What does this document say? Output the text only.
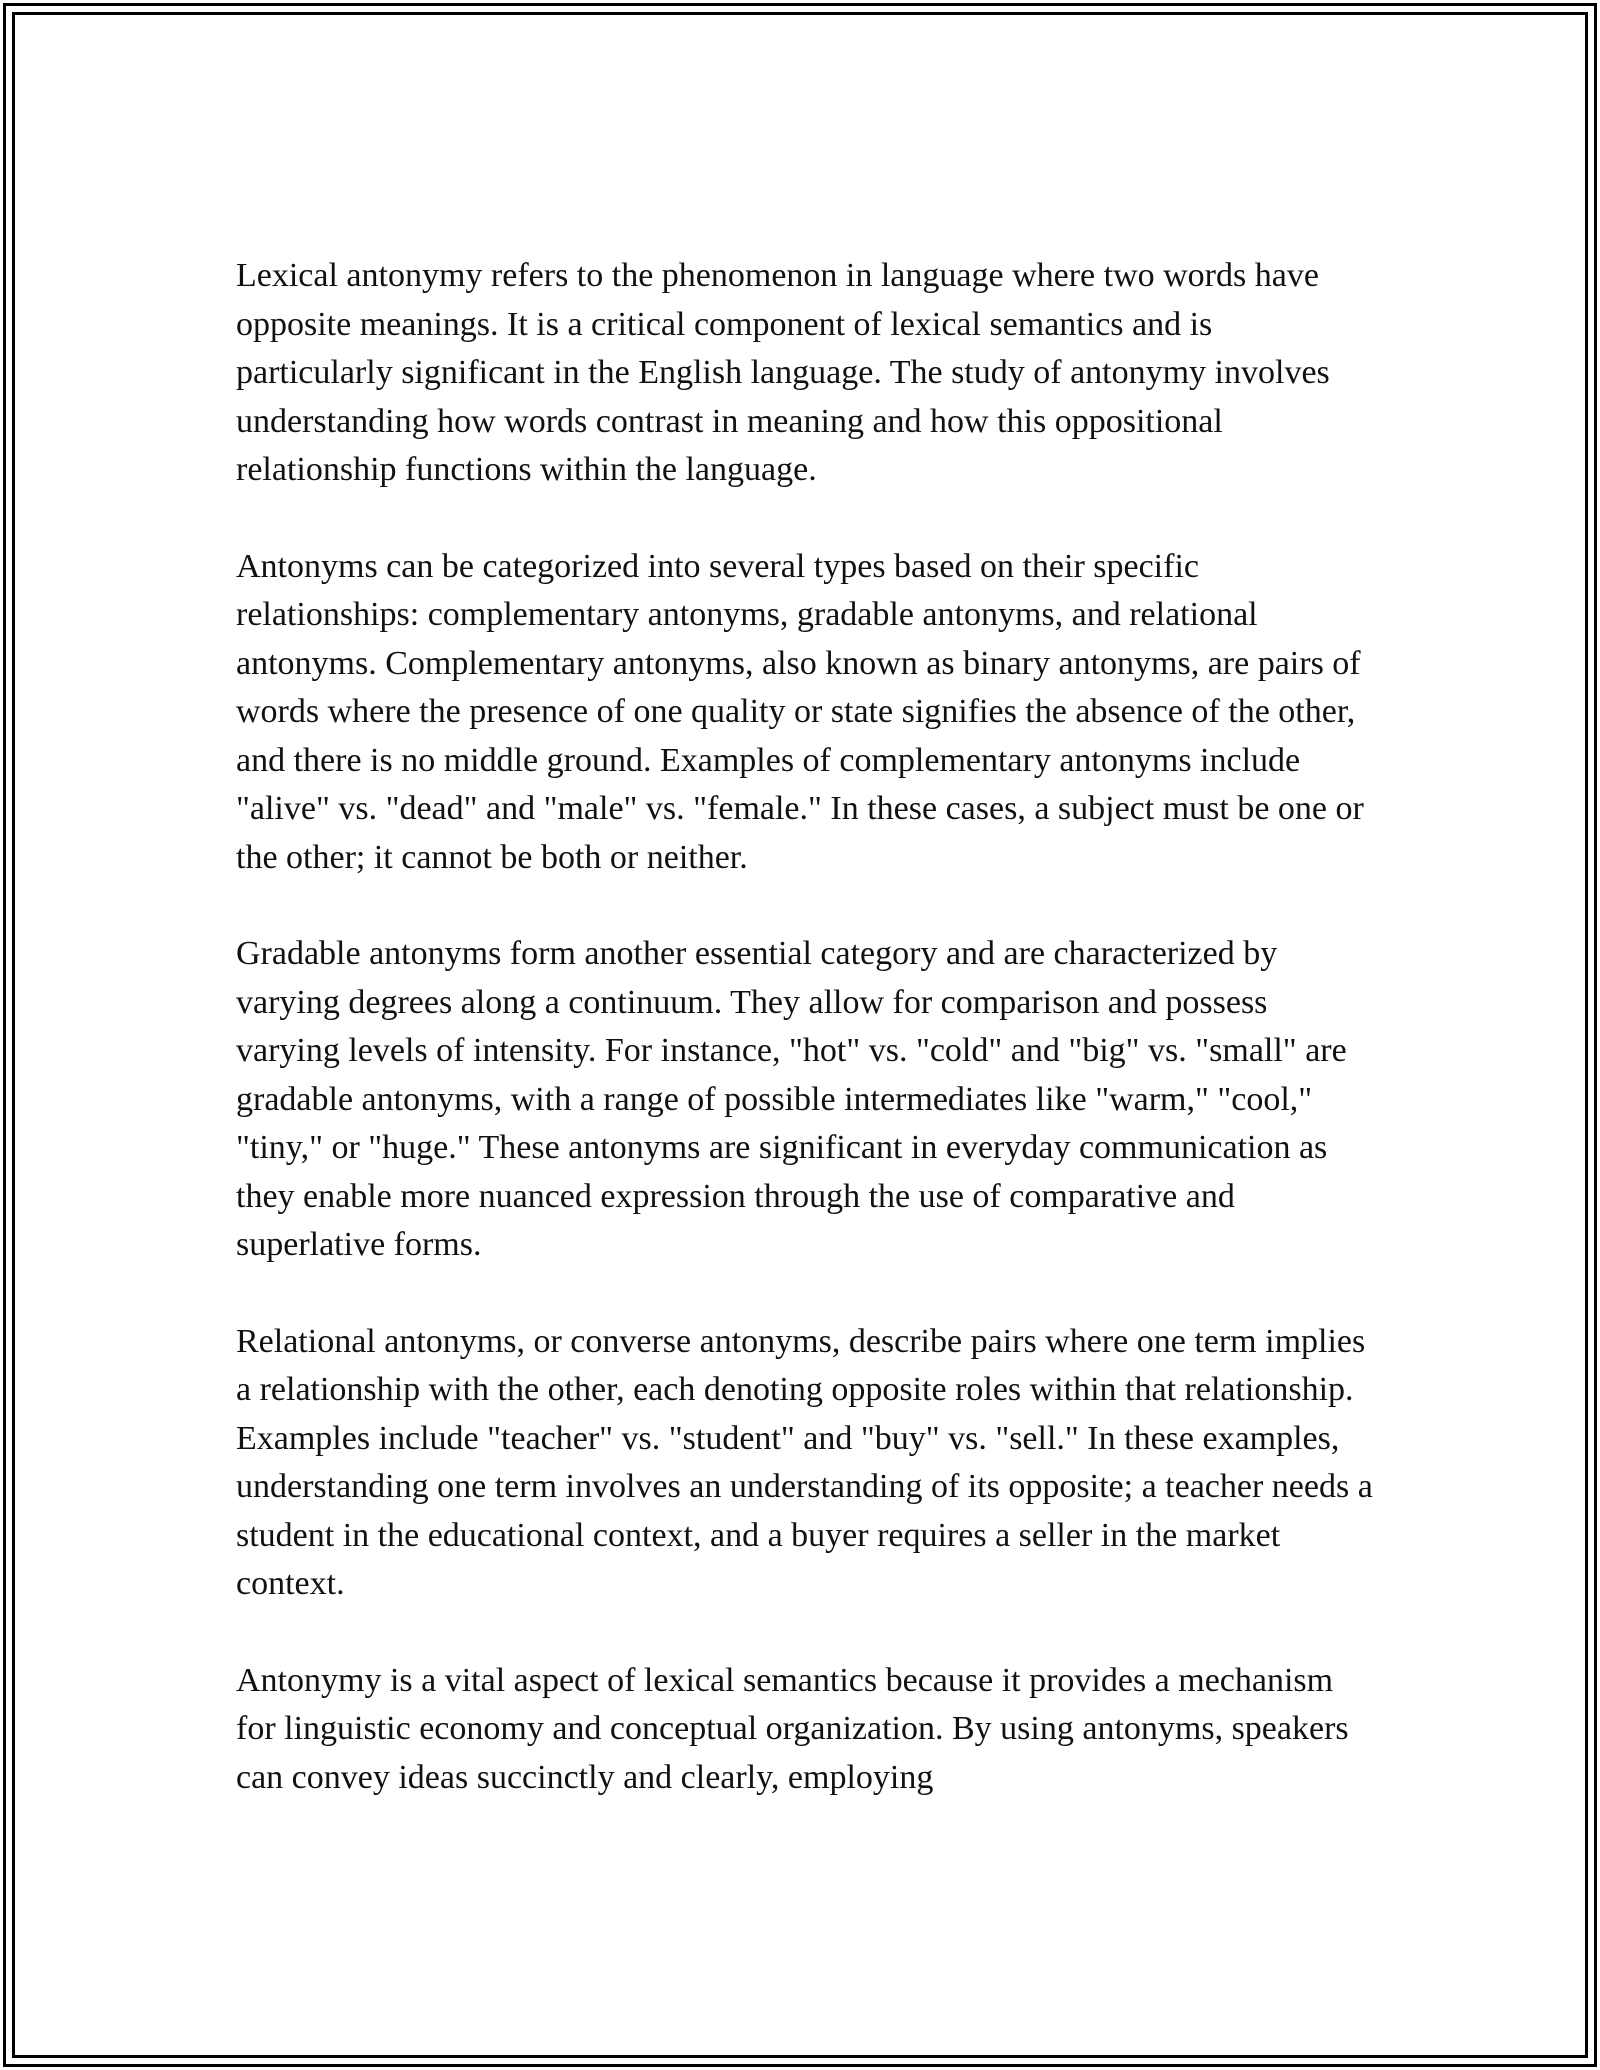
Lexical antonymy refers to the phenomenon in language where two words have opposite meanings. It is a critical component of lexical semantics and is particularly significant in the English language. The study of antonymy involves understanding how words contrast in meaning and how this oppositional relationship functions within the language.

Antonyms can be categorized into several types based on their specific relationships: complementary antonyms, gradable antonyms, and relational antonyms. Complementary antonyms, also known as binary antonyms, are pairs of words where the presence of one quality or state signifies the absence of the other, and there is no middle ground. Examples of complementary antonyms include "alive" vs. "dead" and "male" vs. "female." In these cases, a subject must be one or the other; it cannot be both or neither.

Gradable antonyms form another essential category and are characterized by varying degrees along a continuum. They allow for comparison and possess varying levels of intensity. For instance, "hot" vs. "cold" and "big" vs. "small" are gradable antonyms, with a range of possible intermediates like "warm," "cool," "tiny," or "huge." These antonyms are significant in everyday communication as they enable more nuanced expression through the use of comparative and superlative forms.

Relational antonyms, or converse antonyms, describe pairs where one term implies a relationship with the other, each denoting opposite roles within that relationship. Examples include "teacher" vs. "student" and "buy" vs. "sell." In these examples, understanding one term involves an understanding of its opposite; a teacher needs a student in the educational context, and a buyer requires a seller in the market context.

Antonymy is a vital aspect of lexical semantics because it provides a mechanism for linguistic economy and conceptual organization. By using antonyms, speakers can convey ideas succinctly and clearly, employing
